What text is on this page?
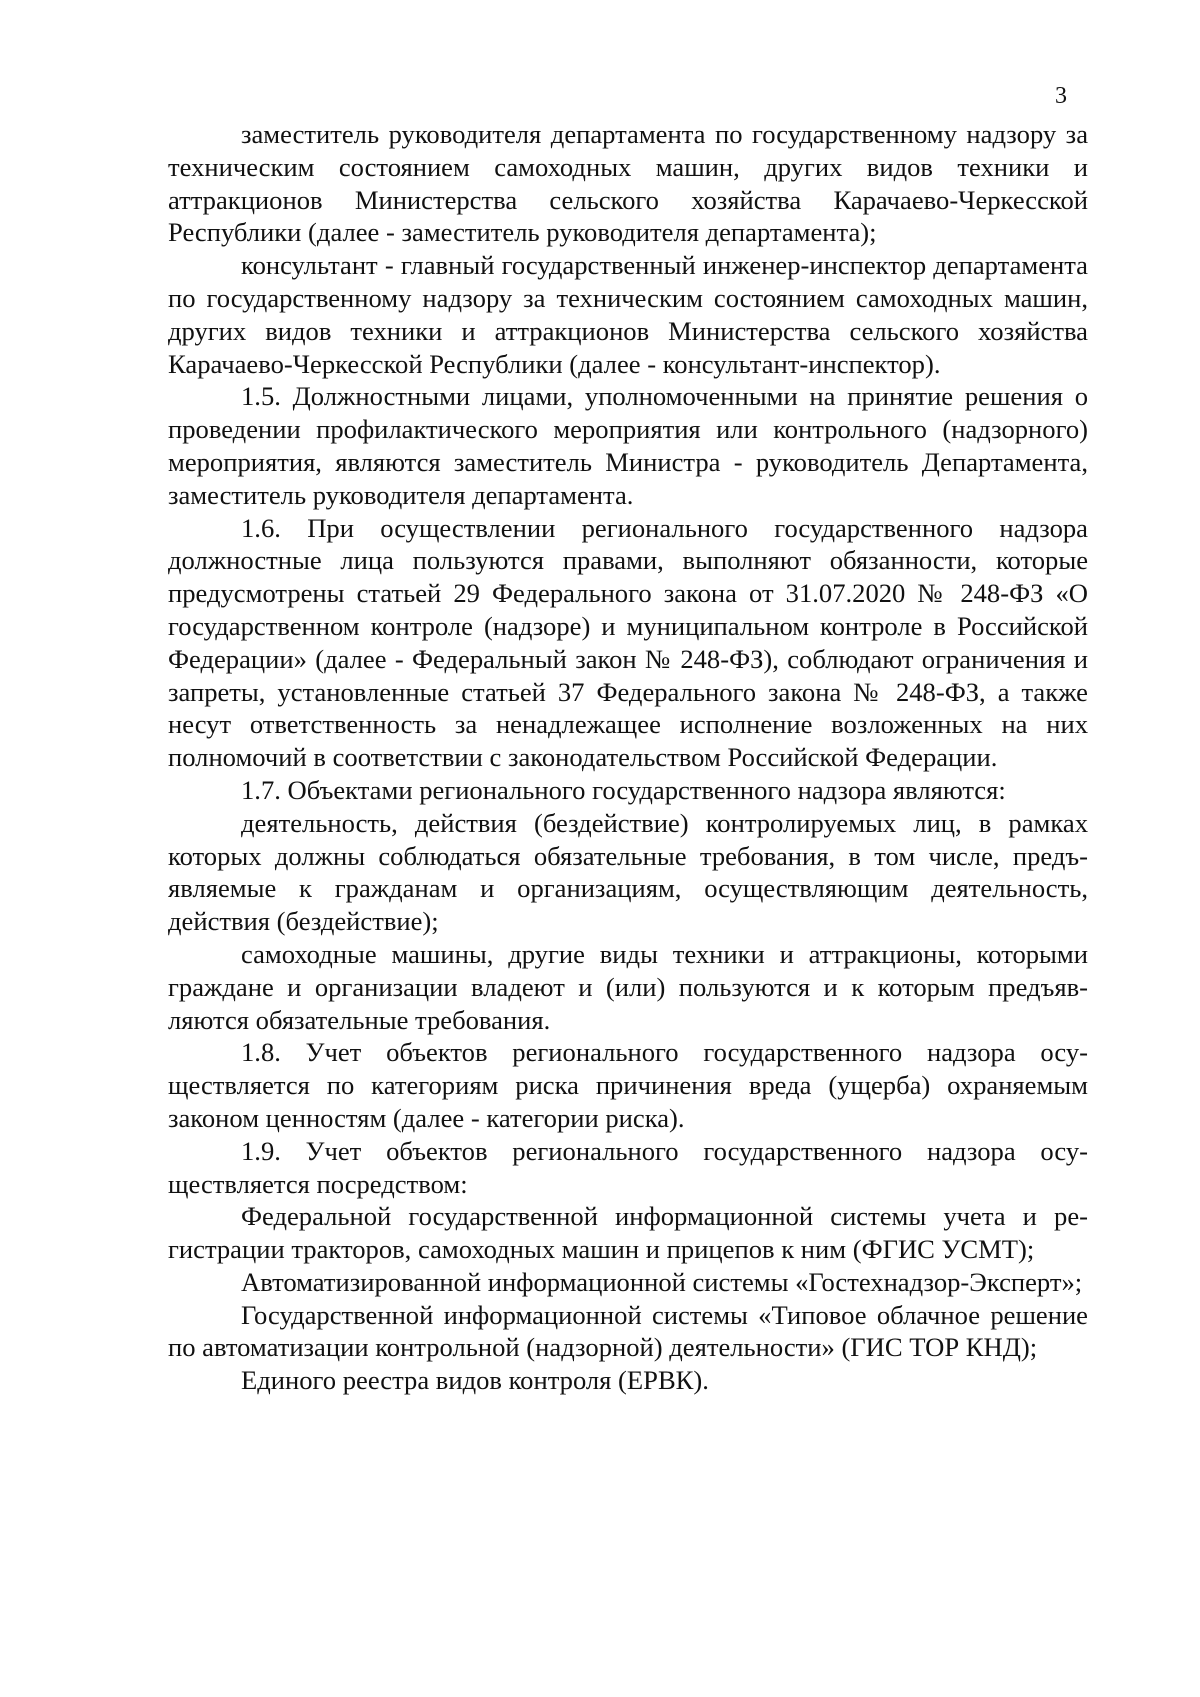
3

заместитель руководителя департамента по государственному надзору за техническим состоянием самоходных машин, других видов техники и аттракционов Министерства сельского хозяйства Карачаево-Черкесской Республики (далее - заместитель руководителя департамента);

консультант - главный государственный инженер-инспектор департамента по государственному надзору за техническим состоянием самоходных машин, других видов техники и аттракционов Министерства сельского хозяйства Карачаево-Черкесской Республики (далее - консультант-инспектор).

1.5. Должностными лицами, уполномоченными на принятие решения о проведении профилактического мероприятия или контрольного (надзорного) мероприятия, являются заместитель Министра - руководитель Департамента, заместитель руководителя департамента.

1.6. При осуществлении регионального государственного надзора должностные лица пользуются правами, выполняют обязанности, которые предусмотрены статьей 29 Федерального закона от 31.07.2020 № 248-ФЗ «О государственном контроле (надзоре) и муниципальном контроле в Российской Федерации» (далее - Федеральный закон № 248-ФЗ), соблюдают ограничения и запреты, установленные статьей 37 Федерального закона № 248-ФЗ, а также несут ответственность за ненадлежащее исполнение возложенных на них полномочий в соответствии с законодательством Российской Федерации.

1.7. Объектами регионального государственного надзора являются:

деятельность, действия (бездействие) контролируемых лиц, в рамках которых должны соблюдаться обязательные требования, в том числе, предъявляемые к гражданам и организациям, осуществляющим деятельность, действия (бездействие);

самоходные машины, другие виды техники и аттракционы, которыми граждане и организации владеют и (или) пользуются и к которым предъявляются обязательные требования.

1.8. Учет объектов регионального государственного надзора осуществляется по категориям риска причинения вреда (ущерба) охраняемым законом ценностям (далее - категории риска).

1.9. Учет объектов регионального государственного надзора осуществляется посредством:

Федеральной государственной информационной системы учета и регистрации тракторов, самоходных машин и прицепов к ним (ФГИС УСМТ);

Автоматизированной информационной системы «Гостехнадзор-Эксперт»;

Государственной информационной системы «Типовое облачное решение по автоматизации контрольной (надзорной) деятельности» (ГИС ТОР КНД);

Единого реестра видов контроля (ЕРВК).
